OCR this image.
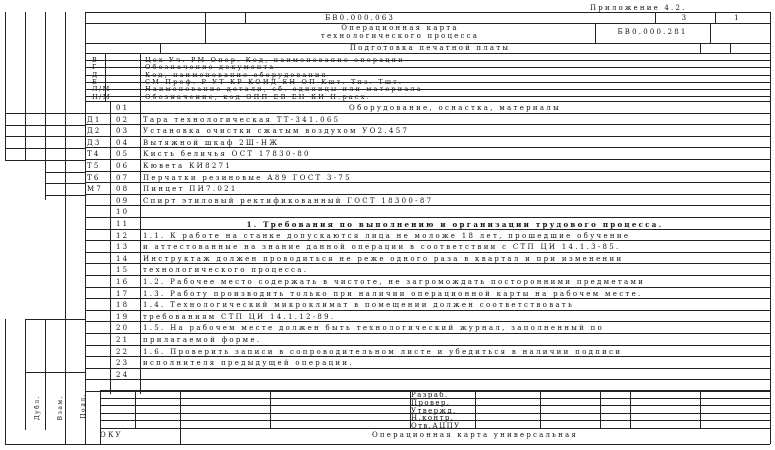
Приложение 4.2.
БВ0.000.063	3	1
Операционная карта
технологического процесса	БВ0.000.281
Подготовка печатной платы
В	Цех Уч. РМ Опер. Код, наименование операции
Г	Обозначение документа
Д	Код, наименование оборудования
Е	СМ Проф. Р УТ КР КОИД ЕН ОП Кшт. Тпз. Тшт.
Л/М	Наименование детали, сб. единицы или материала
Н/М	Обозначение, код ОПП ЕВ ЕН КИ Н.расх.
01	Оборудование, оснастка, материалы
Д1 02 Тара технологическая ТТ-341.065
Д2 03 Установка очистки сжатым воздухом УО2.457
Д3 04 Вытяжной шкаф 2Ш-НЖ
Т4 05 Кисть беличья ОСТ 17830-80
Т5 06 Кювета КИ8271
Т6 07 Перчатки резиновые А89 ГОСТ 3-75
М7 08 Пинцет ПИ7.021
09 Спирт этиловый ректификованный ГОСТ 18300-87
10
11	1. Требования по выполнению и организации трудового процесса.
12 1.1. К работе на станке допускаются лица не моложе 18 лет, прошедшие обучение
13 и аттестованные на знание данной операции в соответствии с СТП ЦИ 14.1.3-85.
14 Инструктаж должен проводиться не реже одного раза в квартал и при изменении
15 технологического процесса.
16 1.2. Рабочее место содержать в чистоте, не загромождать посторонними предметами
17 1.3. Работу производить только при наличии операционной карты на рабочем месте.
18 1.4. Технологический микроклимат в помещении должен соответствовать
19 требованиям СТП ЦИ 14.1.12-89.
20 1.5. На рабочем месте должен быть технологический журнал, заполненный по
21 прилагаемой форме.
22 1.6. Проверить записи в сопроводительном листе и убедиться в наличии подписи
23 исполнителя предыдущей операции.
24
Дубл.	Взам.	Подл.	Разраб.
Провер.
Утвержд.
Н.контр.
Отв.АЦПУ
ОКУ	Операционная карта универсальная
